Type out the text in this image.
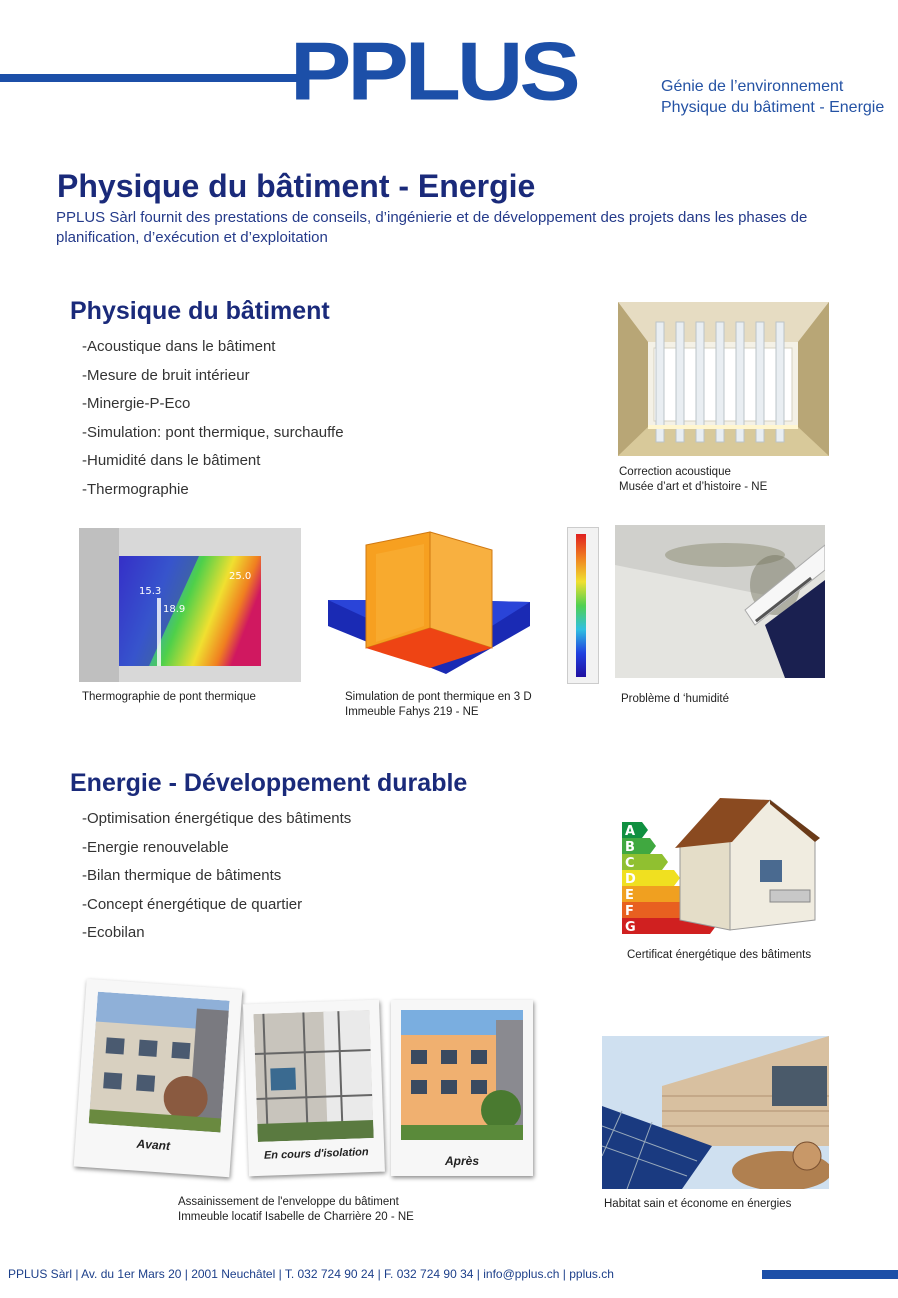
PPLUS	Génie de l’environnement
Physique du bâtiment - Energie
Physique du bâtiment - Energie
PPLUS Sàrl fournit des prestations de conseils, d’ingénierie et de développement des projets dans les phases de planification, d’exécution et d’exploitation
Physique du bâtiment
-Acoustique dans le bâtiment
-Mesure de bruit intérieur
-Minergie-P-Eco
-Simulation: pont thermique, surchauffe
-Humidité dans le bâtiment
-Thermographie
Correction acoustique
Musée d’art et d’histoire - NE
15.3
25.0
18.9
Thermographie de pont thermique	Simulation de pont thermique en 3 D
Immeuble Fahys 219 - NE
Problème d ‘humidité
Energie - Développement durable
-Optimisation énergétique des bâtiments
-Energie renouvelable
-Bilan thermique de bâtiments
-Concept énergétique de quartier
-Ecobilan
A
B
C
D
E
F
G
Certificat énergétique des bâtiments
Avant
En cours d'isolation	Après
Assainissement de l'enveloppe du bâtiment
Immeuble locatif Isabelle de Charrière 20 - NE
Habitat sain et économe en énergies
PPLUS Sàrl | Av. du 1er Mars 20 | 2001 Neuchâtel | T. 032 724 90 24 | F. 032 724 90 34 | info@pplus.ch | pplus.ch
